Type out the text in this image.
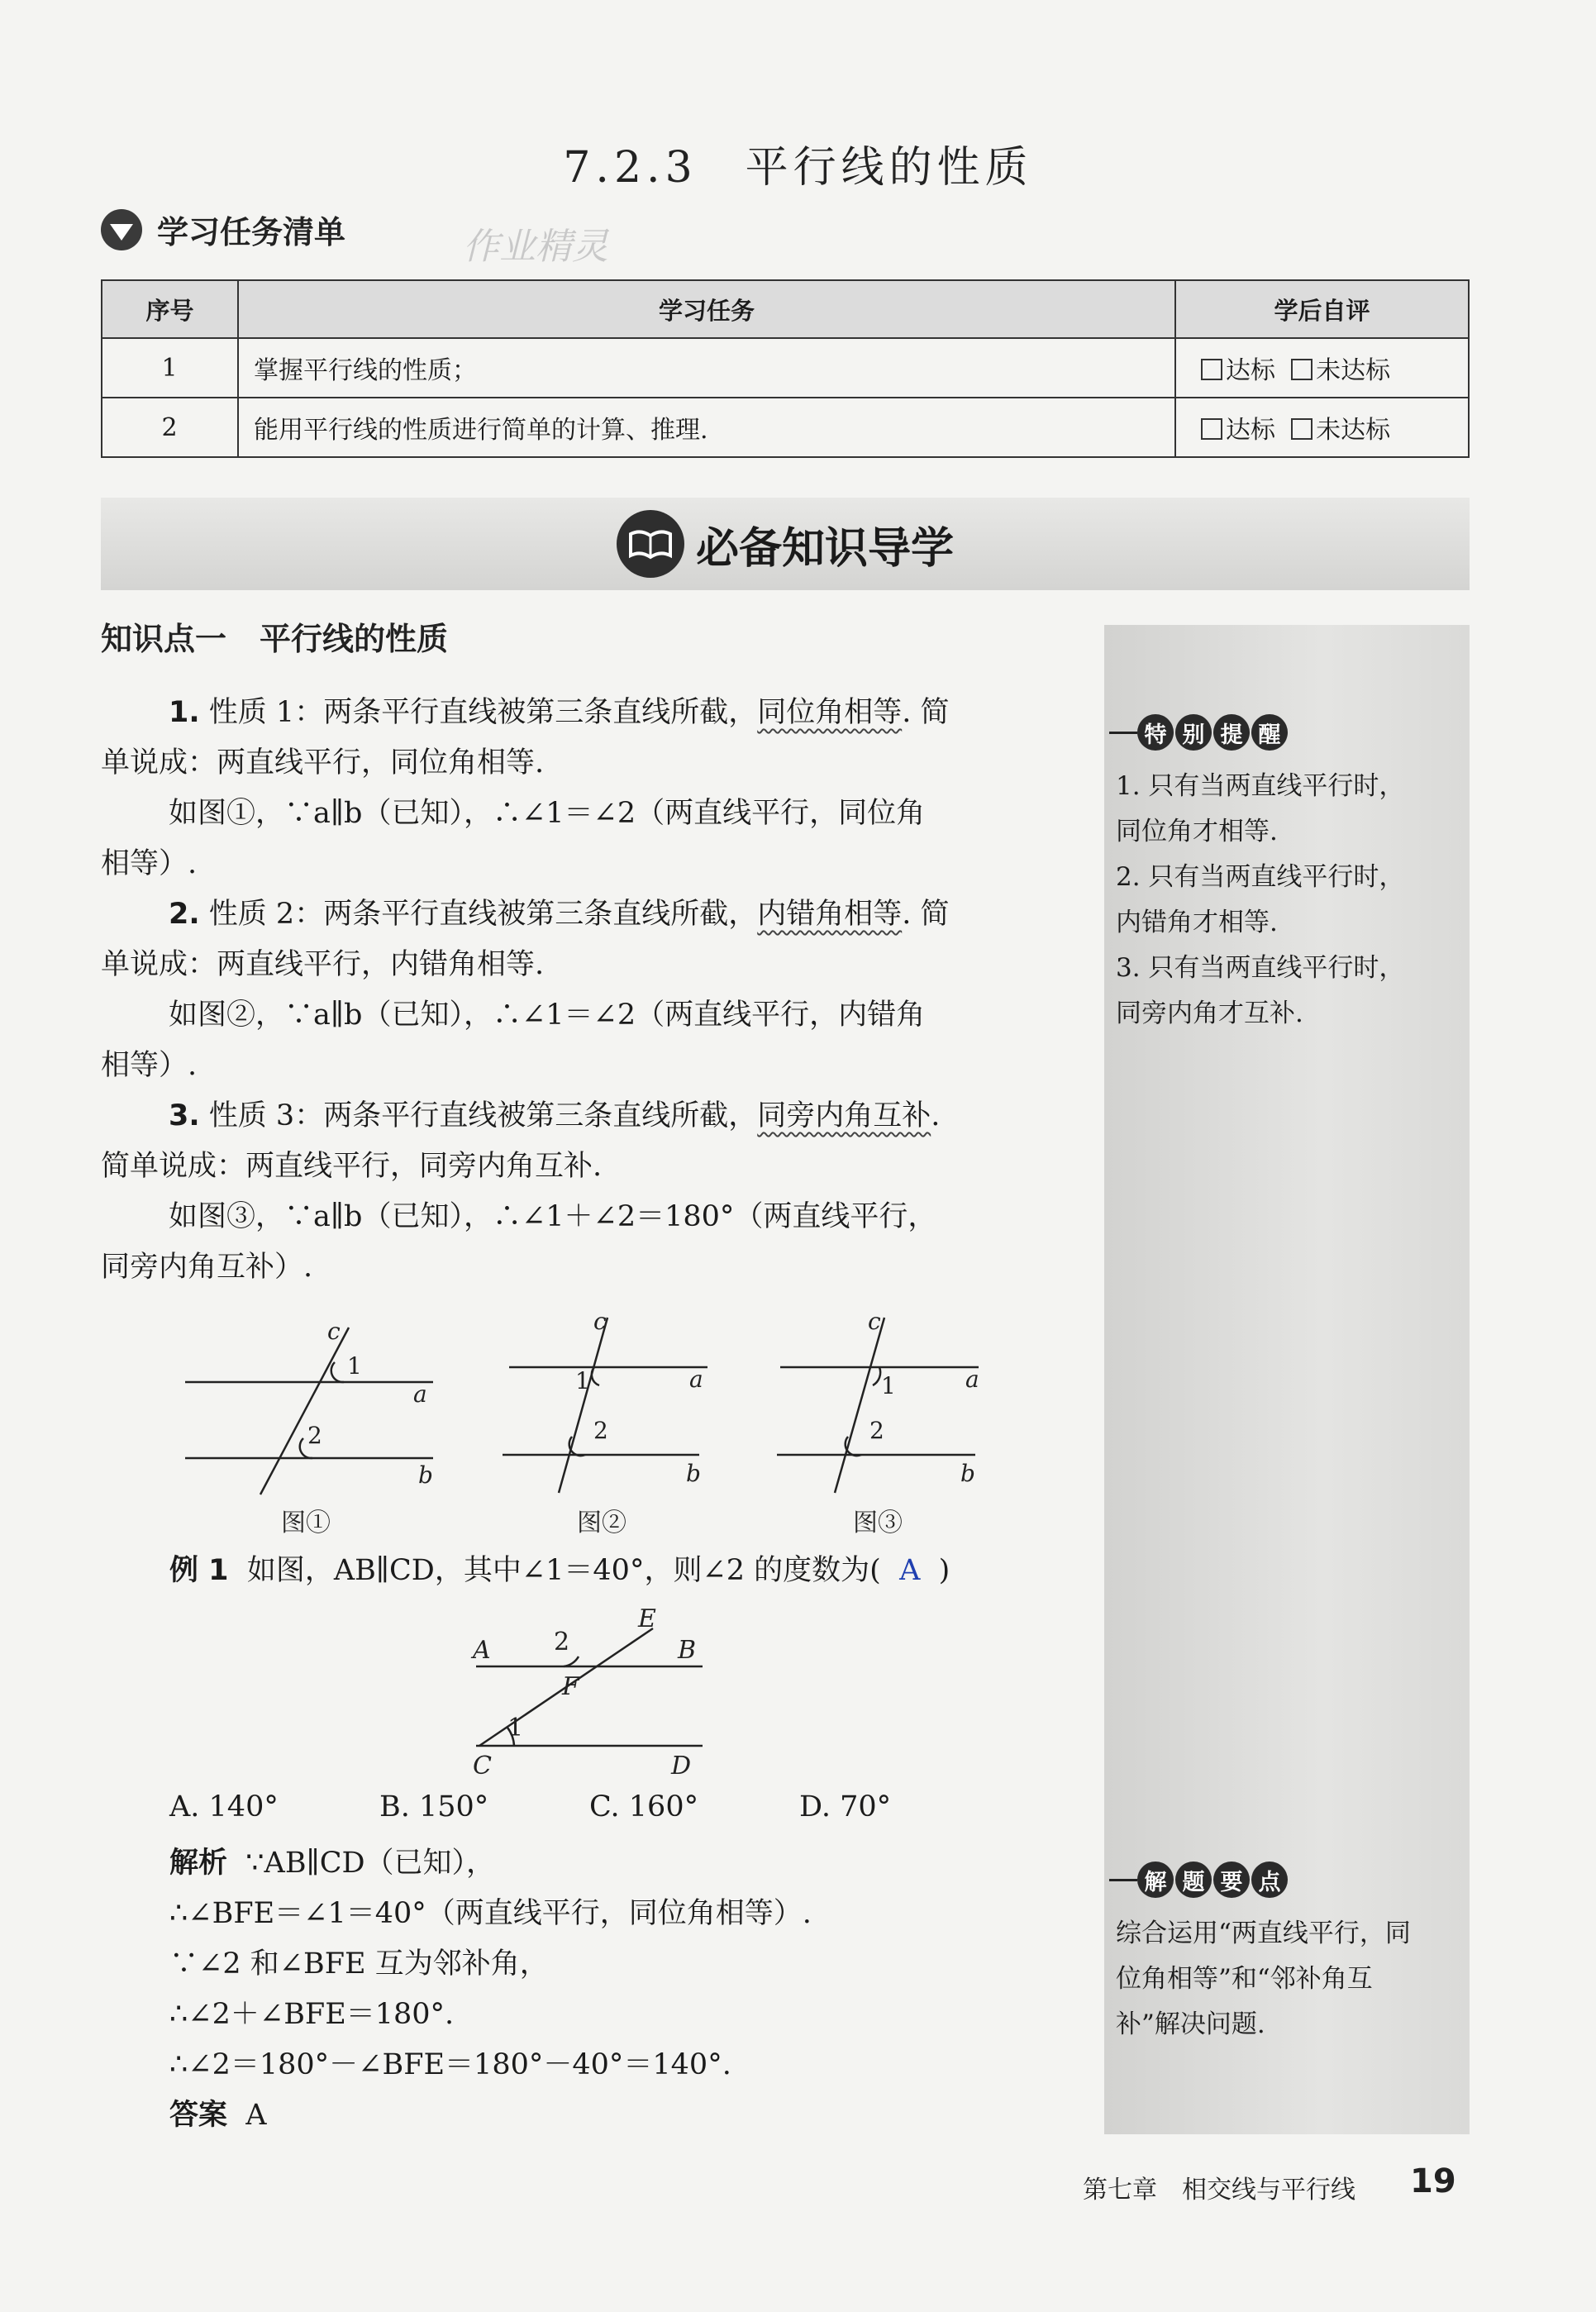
7.2.3　平行线的性质
作业精灵
学习任务清单
序号	学习任务	学后自评
1	掌握平行线的性质；	达标 未达标
2	能用平行线的性质进行简单的计算、推理.	达标 未达标
必备知识导学
知识点一 平行线的性质

1. 性质 1：两条平行直线被第三条直线所截，同位角相等. 简

单说成：两直线平行，同位角相等.

如图①，∵a∥b（已知），∴∠1＝∠2（两直线平行，同位角

相等）.

2. 性质 2：两条平行直线被第三条直线所截，内错角相等. 简

单说成：两直线平行，内错角相等.

如图②，∵a∥b（已知），∴∠1＝∠2（两直线平行，内错角

相等）.

3. 性质 3：两条平行直线被第三条直线所截，同旁内角互补.

简单说成：两直线平行，同旁内角互补.

如图③，∵a∥b（已知），∴∠1＋∠2＝180°（两直线平行，

同旁内角互补）.

c
1
a
2
b
c
1	a
2
b
c
1	a
2
b
图①	图②	图③
例 1 如图，AB∥CD，其中∠1＝40°，则∠2 的度数为( A )
A	B
C	D
E
F
2
1
A. 140°	B. 150°	C. 160°	D. 70°
解析 ∵AB∥CD（已知），
∴∠BFE＝∠1＝40°（两直线平行，同位角相等）.
∵∠2 和∠BFE 互为邻补角，
∴∠2＋∠BFE＝180°.
∴∠2＝180°－∠BFE＝180°－40°＝140°.
答案 A
特 别 提 醒

1. 只有当两直线平行时，

同位角才相等.

2. 只有当两直线平行时，

内错角才相等.

3. 只有当两直线平行时，

同旁内角才互补.

解 题 要 点

综合运用“两直线平行，同

位角相等”和“邻补角互

补”解决问题.

第七章　相交线与平行线 19
